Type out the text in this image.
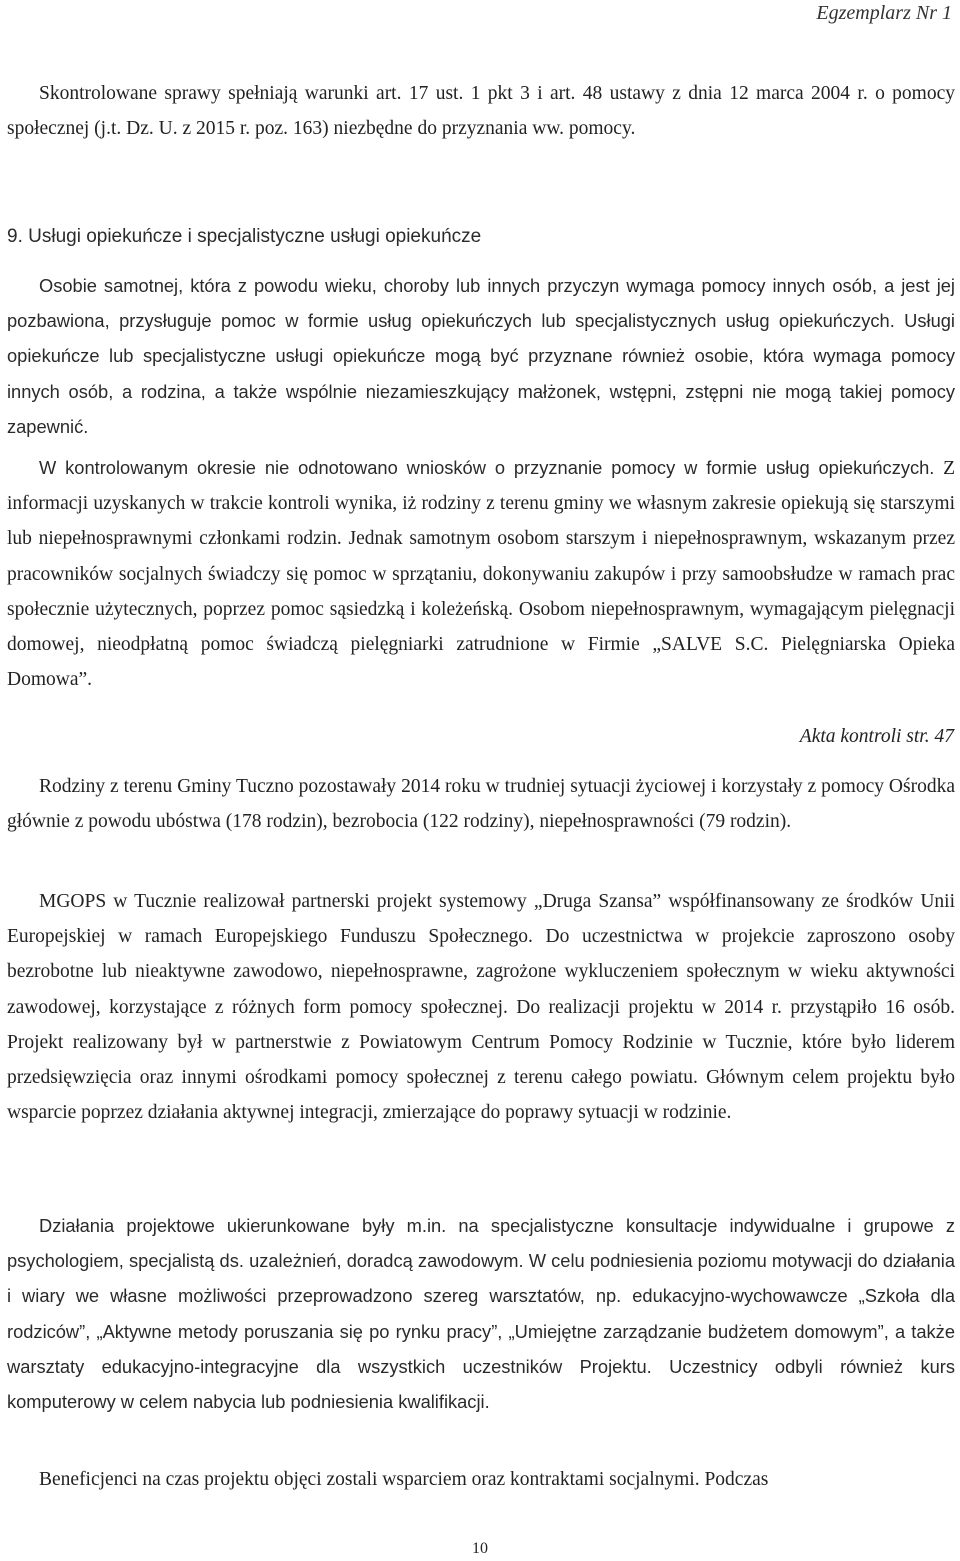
Egzemplarz Nr 1

Skontrolowane sprawy spełniają warunki art. 17 ust. 1 pkt 3 i art. 48 ustawy z dnia 12 marca 2004 r. o pomocy społecznej (j.t. Dz. U. z 2015 r. poz. 163) niezbędne do przyznania ww. pomocy.

9. Usługi opiekuńcze i specjalistyczne usługi opiekuńcze

Osobie samotnej, która z powodu wieku, choroby lub innych przyczyn wymaga pomocy innych osób, a jest jej pozbawiona, przysługuje pomoc w formie usług opiekuńczych lub specjalistycznych usług opiekuńczych. Usługi opiekuńcze lub specjalistyczne usługi opiekuńcze mogą być przyznane również osobie, która wymaga pomocy innych osób, a rodzina, a także wspólnie niezamieszkujący małżonek, wstępni, zstępni nie mogą takiej pomocy zapewnić.

W kontrolowanym okresie nie odnotowano wniosków o przyznanie pomocy w formie usług opiekuńczych. Z informacji uzyskanych w trakcie kontroli wynika, iż rodziny z terenu gminy we własnym zakresie opiekują się starszymi lub niepełnosprawnymi członkami rodzin. Jednak samotnym osobom starszym i niepełnosprawnym, wskazanym przez pracowników socjalnych świadczy się pomoc w sprzątaniu, dokonywaniu zakupów i przy samoobsłudze w ramach prac społecznie użytecznych, poprzez pomoc sąsiedzką i koleżeńską. Osobom niepełnosprawnym, wymagającym pielęgnacji domowej, nieodpłatną pomoc świadczą pielęgniarki zatrudnione w Firmie „SALVE S.C. Pielęgniarska Opieka Domowa”.

Akta kontroli str. 47

Rodziny z terenu Gminy Tuczno pozostawały 2014 roku w trudniej sytuacji życiowej i korzystały z pomocy Ośrodka głównie z powodu ubóstwa (178 rodzin), bezrobocia (122 rodziny), niepełnosprawności (79 rodzin).

MGOPS w Tucznie realizował partnerski projekt systemowy „Druga Szansa” współfinansowany ze środków Unii Europejskiej w ramach Europejskiego Funduszu Społecznego. Do uczestnictwa w projekcie zaproszono osoby bezrobotne lub nieaktywne zawodowo, niepełnosprawne, zagrożone wykluczeniem społecznym w wieku aktywności zawodowej, korzystające z różnych form pomocy społecznej. Do realizacji projektu w 2014 r. przystąpiło 16 osób. Projekt realizowany był w partnerstwie z Powiatowym Centrum Pomocy Rodzinie w Tucznie, które było liderem przedsięwzięcia oraz innymi ośrodkami pomocy społecznej z terenu całego powiatu. Głównym celem projektu było wsparcie poprzez działania aktywnej integracji, zmierzające do poprawy sytuacji w rodzinie.

Działania projektowe ukierunkowane były m.in. na specjalistyczne konsultacje indywidualne i grupowe z psychologiem, specjalistą ds. uzależnień, doradcą zawodowym. W celu podniesienia poziomu motywacji do działania i wiary we własne możliwości przeprowadzono szereg warsztatów, np. edukacyjno-wychowawcze „Szkoła dla rodziców”, „Aktywne metody poruszania się po rynku pracy”, „Umiejętne zarządzanie budżetem domowym”, a także warsztaty edukacyjno-integracyjne dla wszystkich uczestników Projektu. Uczestnicy odbyli również kurs komputerowy w celem nabycia lub podniesienia kwalifikacji.

Beneficjenci na czas projektu objęci zostali wsparciem oraz kontraktami socjalnymi. Podczas

10
